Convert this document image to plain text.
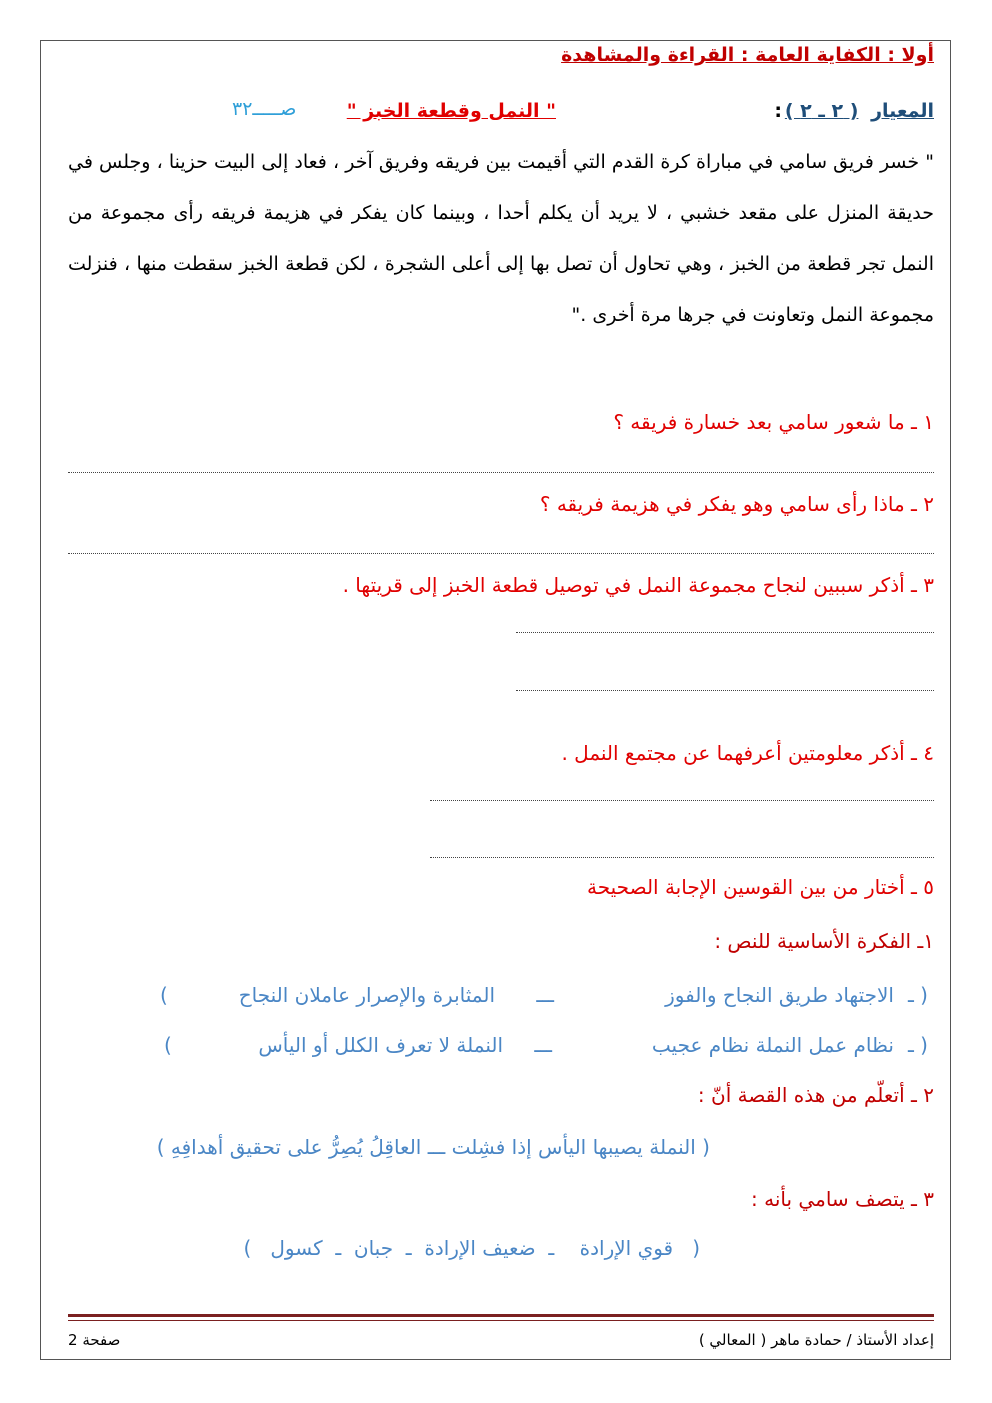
أولا : الكفاية العامة : القراءة والمشاهدة
المعيار ( ٢ ـ ٢ )
:
" النمل وقطعة الخبز "
صـــــ٣٢
" خسر فريق سامي في مباراة كرة القدم التي أقيمت بين فريقه وفريق آخر ، فعاد إلى البيت حزينا ، وجلس في حديقة المنزل على مقعد خشبي ، لا يريد أن يكلم أحدا ، وبينما كان يفكر في هزيمة فريقه رأى مجموعة من النمل تجر قطعة من الخبز ، وهي تحاول أن تصل بها إلى أعلى الشجرة ، لكن قطعة الخبز سقطت منها ، فنزلت مجموعة النمل وتعاونت في جرها مرة أخرى ."
١ ـ ما شعور سامي بعد خسارة فريقه ؟
٢ ـ ماذا رأى سامي وهو يفكر في هزيمة فريقه ؟
٣ ـ أذكر سببين لنجاح مجموعة النمل في توصيل قطعة الخبز إلى قريتها .
٤ ـ أذكر معلومتين أعرفهما عن مجتمع النمل .
٥ ـ أختار من بين القوسين الإجابة الصحيحة
١ـ الفكرة الأساسية للنص :
( ـ
الاجتهاد طريق النجاح والفوز
ـــ
المثابرة والإصرار عاملان النجاح
)
( ـ
نظام عمل النملة نظام عجيب
ـــ
النملة لا تعرف الكلل أو اليأس
)
٢ ـ أتعلّم من هذه القصة أنّ :
( النملة يصيبها اليأس إذا فشِلت ـــ العاقِلُ يُصِرُّ على تحقيق أهدافِهِ )
٣ ـ يتصف سامي بأنه :
(   قوي الإرادة    ـ  ضعيف الإرادة  ـ  جبان  ـ  كسول   )
إعداد الأستاذ / حمادة ماهر ( المعالي )
صفحة 2
